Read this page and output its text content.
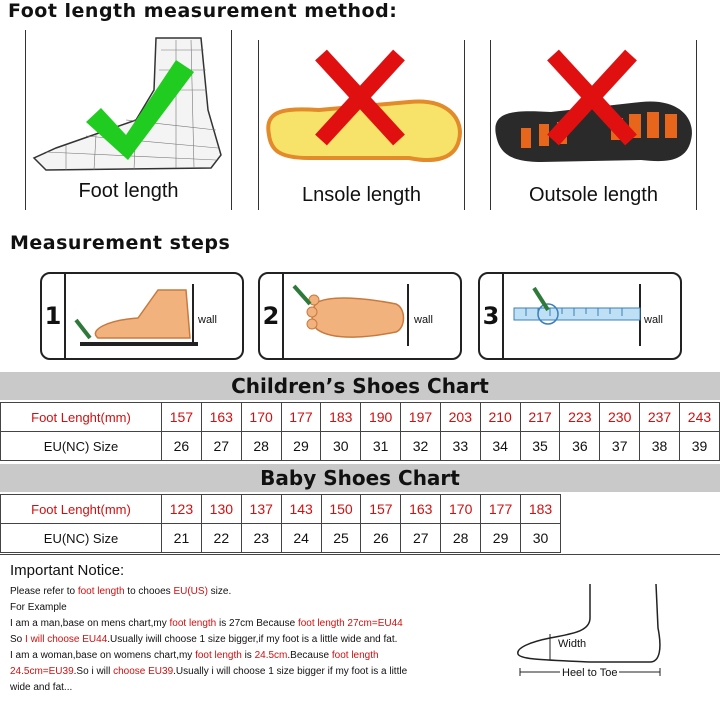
Foot length measurement method:
Foot length	Lnsole length	Outsole length
Measurement steps
1	wall 2	wall 3	wall
Children’s Shoes Chart
Foot Lenght(mm)	157	163	170	177	183	190	197	203	210	217	223	230	237	243
EU(NC) Size	26	27	28	29	30	31	32	33	34	35	36	37	38	39
Baby Shoes Chart
Foot Lenght(mm)	123	130	137	143	150	157	163	170	177	183
EU(NC) Size	21	22	23	24	25	26	27	28	29	30
Important Notice:
Please refer to foot length to chooes EU(US) size.
For Example
I am a man,base on mens chart,my foot length is 27cm Because foot length 27cm=EU44
So I will choose EU44.Usually iwill choose 1 size bigger,if my foot is a little wide and fat.
I am a woman,base on womens chart,my foot length is 24.5cm.Because foot length
24.5cm=EU39.So i will choose EU39.Usually i will choose 1 size bigger if my foot is a little
wide and fat...
Width
Heel to Toe
